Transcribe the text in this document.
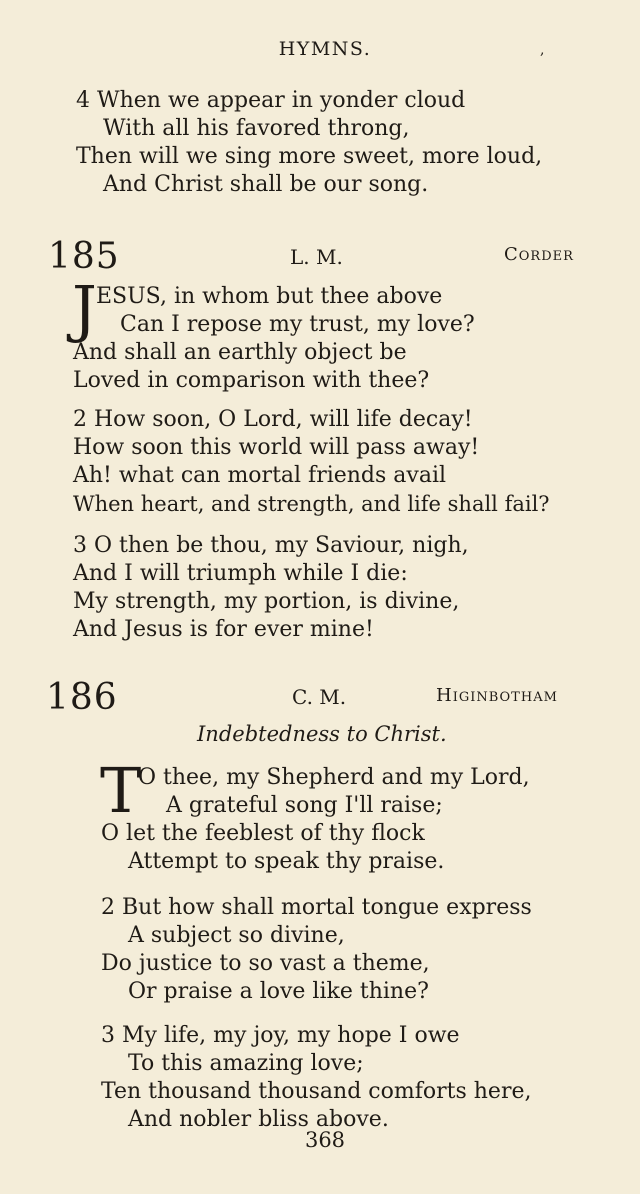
HYMNS.	,
4 When we appear in yonder cloud
With all his favored throng,
Then will we sing more sweet, more loud,
And Christ shall be our song.
185	L. M.	Corder
J ESUS, in whom but thee above
Can I repose my trust, my love?
And shall an earthly object be
Loved in comparison with thee?
2 How soon, O Lord, will life decay!
How soon this world will pass away!
Ah! what can mortal friends avail
When heart, and strength, and life shall fail?
3 O then be thou, my Saviour, nigh,
And I will triumph while I die:
My strength, my portion, is divine,
And Jesus is for ever mine!
186	C. M.	Higinbotham
Indebtedness to Christ.
T
O thee, my Shepherd and my Lord,
A grateful song I'll raise;
O let the feeblest of thy flock
Attempt to speak thy praise.
2 But how shall mortal tongue express
A subject so divine,
Do justice to so vast a theme,
Or praise a love like thine?
3 My life, my joy, my hope I owe
To this amazing love;
Ten thousand thousand comforts here,
And nobler bliss above.
368
